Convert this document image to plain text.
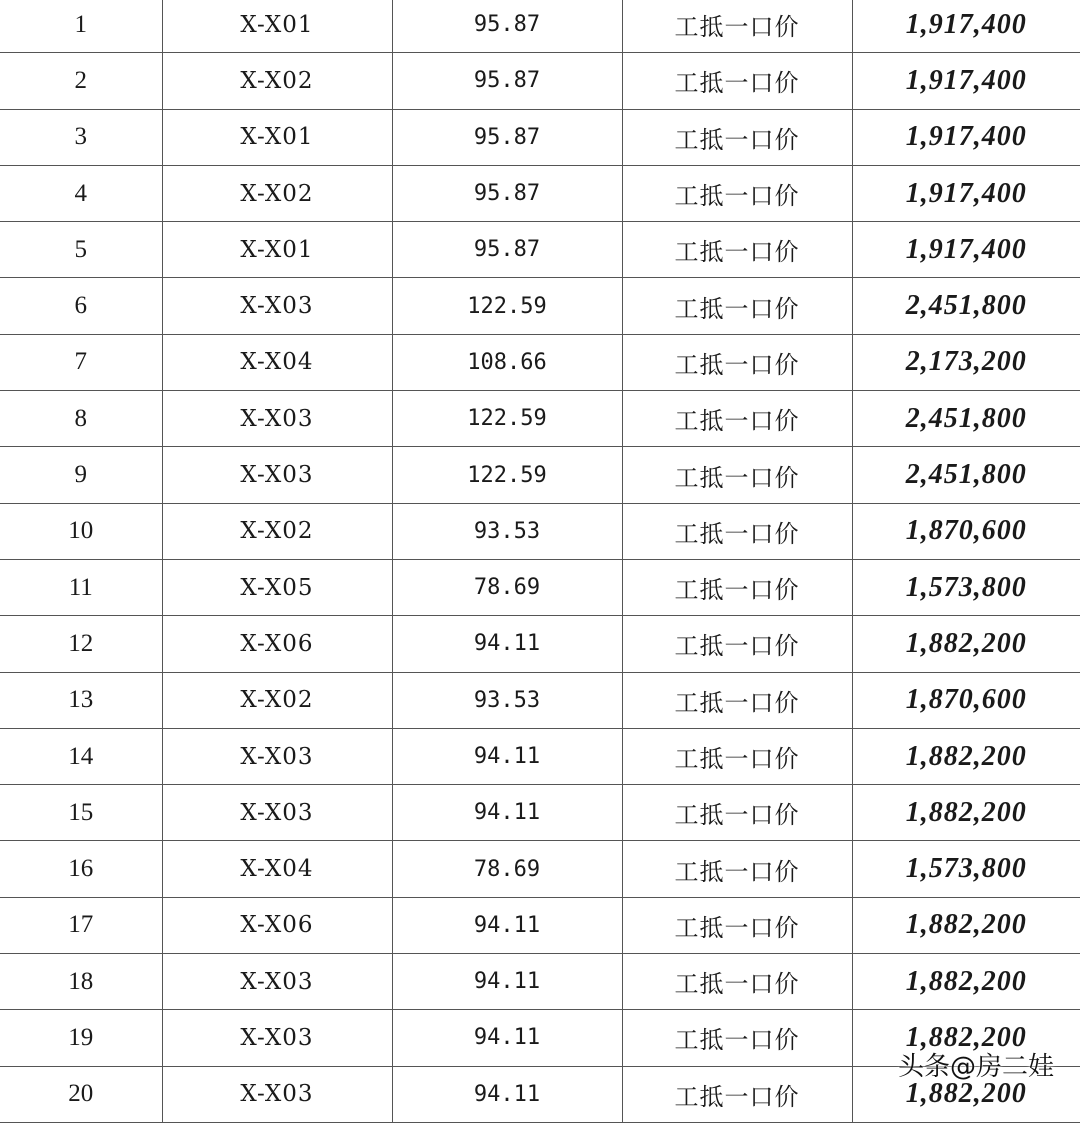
1	X-X01	95.87	工抵一口价	1,917,400
2	X-X02	95.87	工抵一口价	1,917,400
3	X-X01	95.87	工抵一口价	1,917,400
4	X-X02	95.87	工抵一口价	1,917,400
5	X-X01	95.87	工抵一口价	1,917,400
6	X-X03	122.59	工抵一口价	2,451,800
7	X-X04	108.66	工抵一口价	2,173,200
8	X-X03	122.59	工抵一口价	2,451,800
9	X-X03	122.59	工抵一口价	2,451,800
10	X-X02	93.53	工抵一口价	1,870,600
11	X-X05	78.69	工抵一口价	1,573,800
12	X-X06	94.11	工抵一口价	1,882,200
13	X-X02	93.53	工抵一口价	1,870,600
14	X-X03	94.11	工抵一口价	1,882,200
15	X-X03	94.11	工抵一口价	1,882,200
16	X-X04	78.69	工抵一口价	1,573,800
17	X-X06	94.11	工抵一口价	1,882,200
18	X-X03	94.11	工抵一口价	1,882,200
19	X-X03	94.11	工抵一口价	1,882,200
20	X-X03	94.11	工抵一口价	1,882,200
头条@房二娃
